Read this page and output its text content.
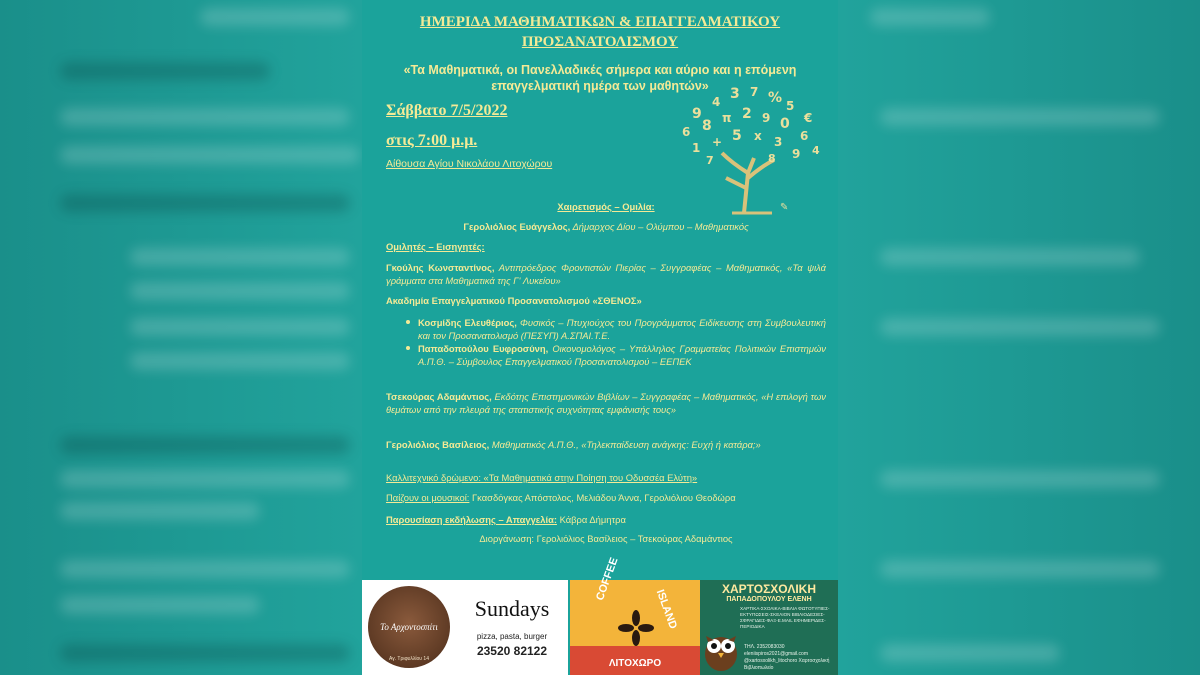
ΗΜΕΡΙΔΑ ΜΑΘΗΜΑΤΙΚΩΝ & ΕΠΑΓΓΕΛΜΑΤΙΚΟΥ
ΠΡΟΣΑΝΑΤΟΛΙΣΜΟΥ
«Τα Μαθηματικά, οι Πανελλαδικές σήμερα και αύριο και η επόμενη
επαγγελματική ημέρα των μαθητών»
Σάββατο 7/5/2022
στις 7:00 μ.μ.
Αίθουσα Αγίου Νικολάου Λιτοχώρου
9
4 3 7 % 5
€
6 8 π 2 9 0
6
1 + 5 x 3
9 4
7	8
✎
Χαιρετισμός – Ομιλία:
Γερολιόλιος Ευάγγελος, Δήμαρχος Δίου – Ολύμπου – Μαθηματικός
Ομιλητές – Εισηγητές:
Γκούλης Κωνσταντίνος, Αντιπρόεδρος Φροντιστών Πιερίας – Συγγραφέας – Μαθηματικός, «Τα ψιλά γράμματα στα Μαθηματικά της Γ' Λυκείου»
Ακαδημία Επαγγελματικού Προσανατολισμού «ΣΘΕΝΟΣ»
Κοσμίδης Ελευθέριος, Φυσικός – Πτυχιούχος του Προγράμματος Ειδίκευσης στη Συμβουλευτική και τον Προσανατολισμό (ΠΕΣΥΠ) Α.ΣΠΑΙ.Τ.Ε.
Παπαδοπούλου Ευφροσύνη, Οικονομολόγος – Υπάλληλος Γραμματείας Πολιτικών Επιστημών Α.Π.Θ. – Σύμβουλος Επαγγελματικού Προσανατολισμού – ΕΕΠΕΚ
Τσεκούρας Αδαμάντιος, Εκδότης Επιστημονικών Βιβλίων – Συγγραφέας – Μαθηματικός, «Η επιλογή των θεμάτων από την πλευρά της στατιστικής συχνότητας εμφάνισής τους»
Γερολιόλιος Βασίλειος, Μαθηματικός Α.Π.Θ., «Τηλεκπαίδευση ανάγκης: Ευχή ή κατάρα;»
Καλλιτεχνικό δρώμενο: «Τα Μαθηματικά στην Ποίηση του Οδυσσέα Ελύτη»
Παίζουν οι μουσικοί: Γκασδόγκας Απόστολος, Μελιάδου Άννα, Γερολιόλιου Θεοδώρα
Παρουσίαση εκδήλωσης – Απαγγελία: Κάβρα Δήμητρα
Διοργάνωση: Γερολιόλιος Βασίλειος – Τσεκούρας Αδαμάντιος
Το Αρχοντοσπίτι
Αγ. Τριφυλλίου 14
Sundays
pizza, pasta, burger
23520 82122
COFFEE
ISLAND
ΛΙΤΟΧΩΡΟ
ΧΑΡΤΟΣΧΟΛΙΚΗ
ΠΑΠΑΔΟΠΟΥΛΟΥ ΕΛΕΝΗ
ΧΑΡΤΙΚΑ-ΣΧΟΛΙΚΑ-ΒΙΒΛΙΑ ΦΩΤΟΤΥΠΙΕΣ-ΕΚΤΥΠΩΣΕΙΣ-ΣΚΕΛΙΟΝ ΒΙΒΛΙΟΔΕΣΙΕΣ-ΣΦΡΑΓΙΔΕΣ-ΦΑΞ-E.MAIL ΕΦΗΜΕΡΙΔΕΣ-ΠΕΡΙΟΔΙΚΑ
ΤΗΛ. 2352083030 eleniispiros2021@gmail.com @xartosxolikh_litochoro Χαρτοσχολική Βιβλιοπωλείο
